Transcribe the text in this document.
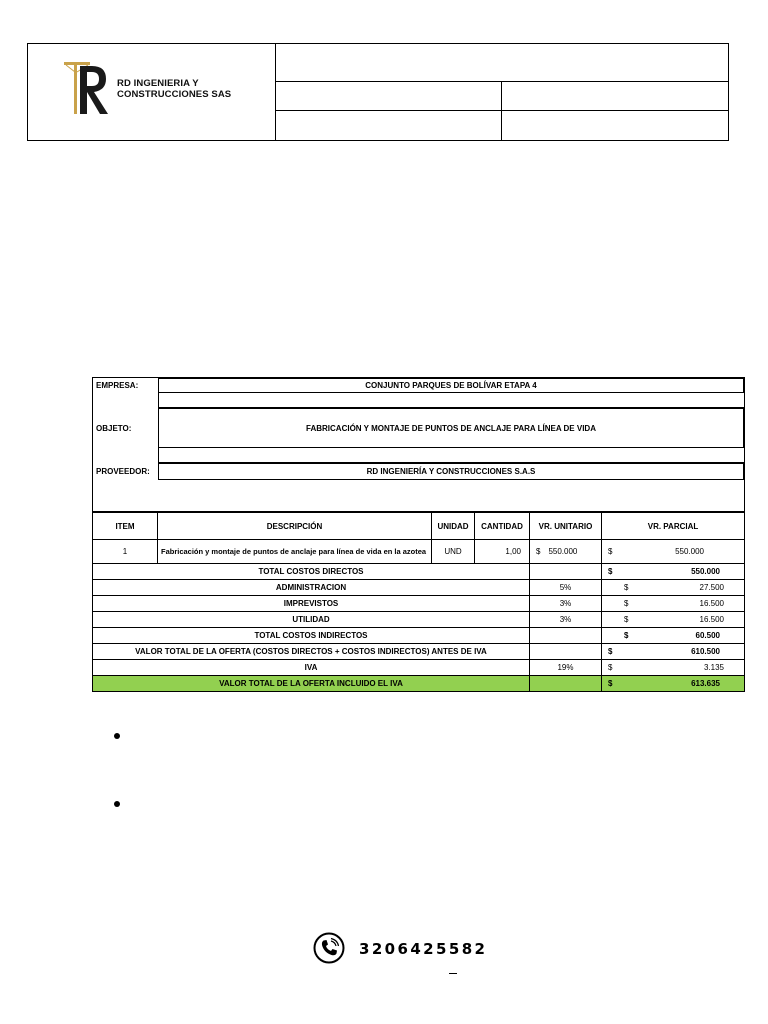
RD INGENIERIA Y
CONSTRUCCIONES SAS
EMPRESA:	CONJUNTO PARQUES DE BOLÍVAR ETAPA 4
OBJETO:	FABRICACIÓN Y MONTAJE DE PUNTOS DE ANCLAJE PARA LÍNEA DE VIDA
PROVEEDOR:	RD INGENIERÍA Y CONSTRUCCIONES S.A.S
ITEM	DESCRIPCIÓN	UNIDAD	CANTIDAD	VR. UNITARIO	VR. PARCIAL
1	Fabricación y montaje de puntos de anclaje para línea de vida en la azotea	UND	1,00	$ 550.000	$	550.000
TOTAL COSTOS DIRECTOS	$	550.000
ADMINISTRACION	5%	$	27.500
IMPREVISTOS	3%	$	16.500
UTILIDAD	3%	$	16.500
TOTAL COSTOS INDIRECTOS	$	60.500
VALOR TOTAL DE LA OFERTA (COSTOS DIRECTOS + COSTOS INDIRECTOS) ANTES DE IVA	$	610.500
IVA	19%	$	3.135
VALOR TOTAL DE LA OFERTA INCLUIDO EL IVA	$	613.635
3206425582
